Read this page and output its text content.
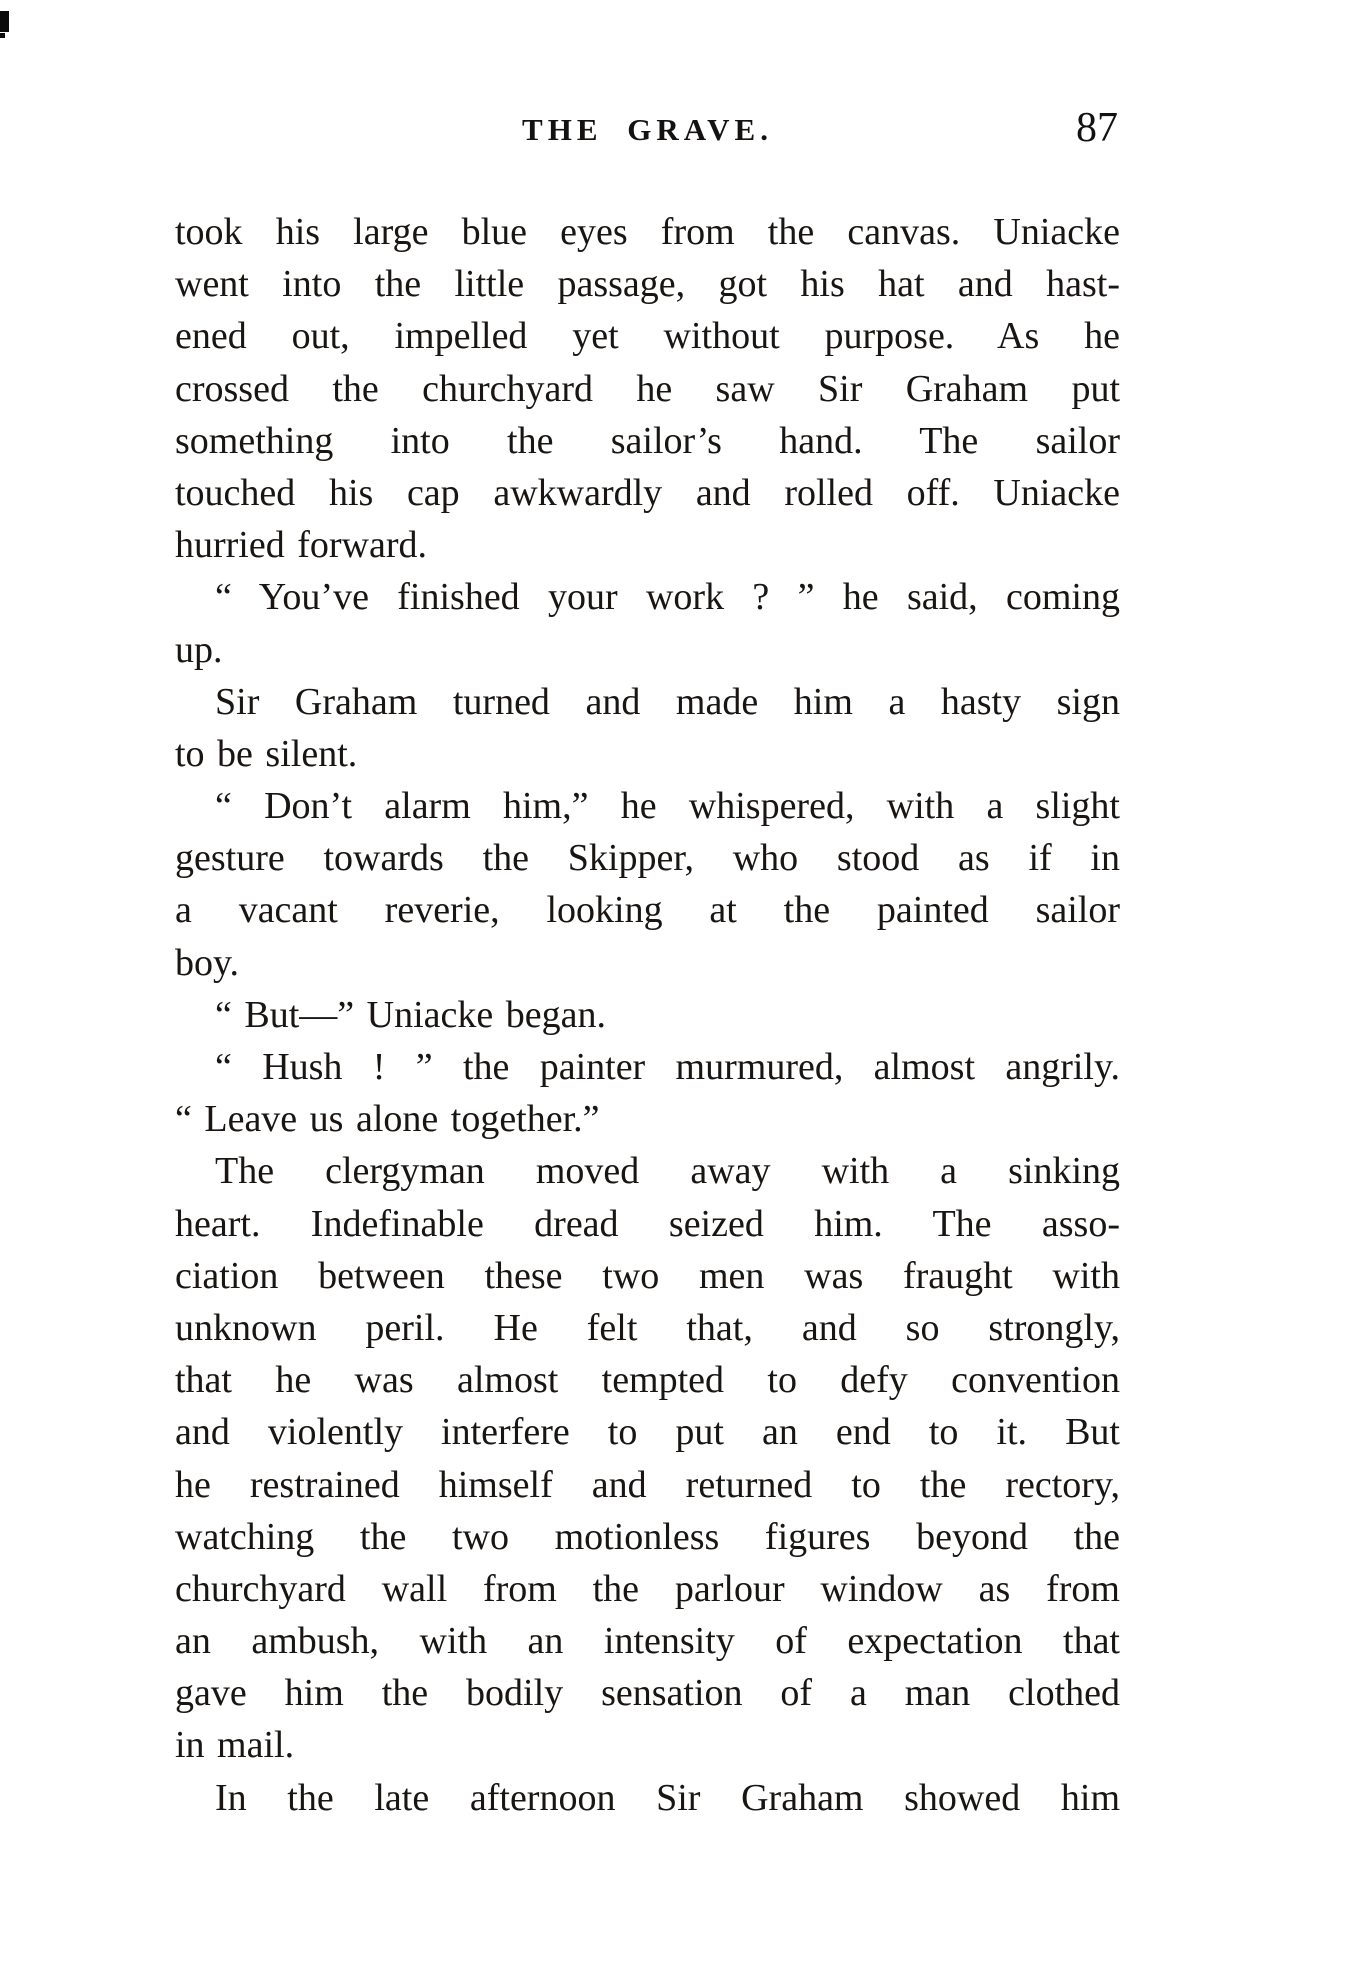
THE GRAVE.	87
took his large blue eyes from the canvas. Uniacke
went into the little passage, got his hat and hast-
ened out, impelled yet without purpose. As he
crossed the churchyard he saw Sir Graham put
something into the sailor’s hand. The sailor
touched his cap awkwardly and rolled off. Uniacke
hurried forward.
“ You’ve finished your work ? ” he said, coming
up.
Sir Graham turned and made him a hasty sign
to be silent.
“ Don’t alarm him,” he whispered, with a slight
gesture towards the Skipper, who stood as if in
a vacant reverie, looking at the painted sailor
boy.
“ But—” Uniacke began.
“ Hush ! ” the painter murmured, almost angrily.
“ Leave us alone together.”
The clergyman moved away with a sinking
heart. Indefinable dread seized him. The asso-
ciation between these two men was fraught with
unknown peril. He felt that, and so strongly,
that he was almost tempted to defy convention
and violently interfere to put an end to it. But
he restrained himself and returned to the rectory,
watching the two motionless figures beyond the
churchyard wall from the parlour window as from
an ambush, with an intensity of expectation that
gave him the bodily sensation of a man clothed
in mail.
In the late afternoon Sir Graham showed him
